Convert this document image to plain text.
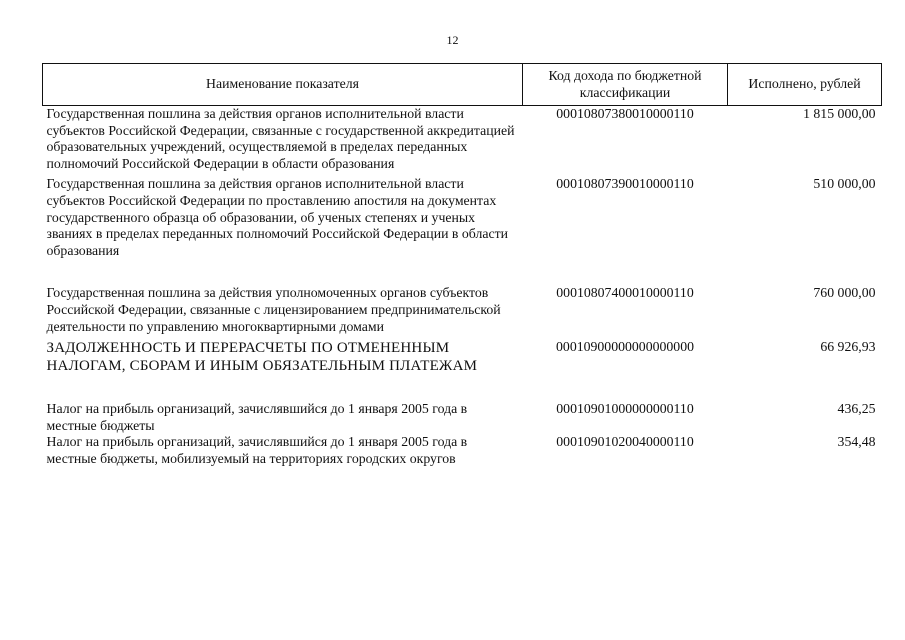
12
Наименование показателя	Код дохода по бюджетной классификации	Исполнено, рублей
Государственная пошлина за действия органов исполнительной власти субъектов Российской Федерации, связанные с государственной аккредитацией образовательных учреждений, осуществляемой в пределах переданных полномочий Российской Федерации в области образования	00010807380010000110	1 815 000,00
Государственная пошлина за действия органов исполнительной власти субъектов Российской Федерации по проставлению апостиля на документах государственного образца об образовании, об ученых степенях и ученых званиях в пределах переданных полномочий Российской Федерации в области образования	00010807390010000110	510 000,00
Государственная пошлина за действия уполномоченных органов субъектов Российской Федерации, связанные с лицензированием предпринимательской деятельности по управлению многоквартирными домами	00010807400010000110	760 000,00
ЗАДОЛЖЕННОСТЬ И ПЕРЕРАСЧЕТЫ ПО ОТМЕНЕННЫМ НАЛОГАМ, СБОРАМ И ИНЫМ ОБЯЗАТЕЛЬНЫМ ПЛАТЕЖАМ	00010900000000000000	66 926,93
Налог на прибыль организаций, зачислявшийся до 1 января 2005 года в местные бюджеты	00010901000000000110	436,25
Налог на прибыль организаций, зачислявшийся до 1 января 2005 года в местные бюджеты, мобилизуемый на территориях городских округов	00010901020040000110	354,48
